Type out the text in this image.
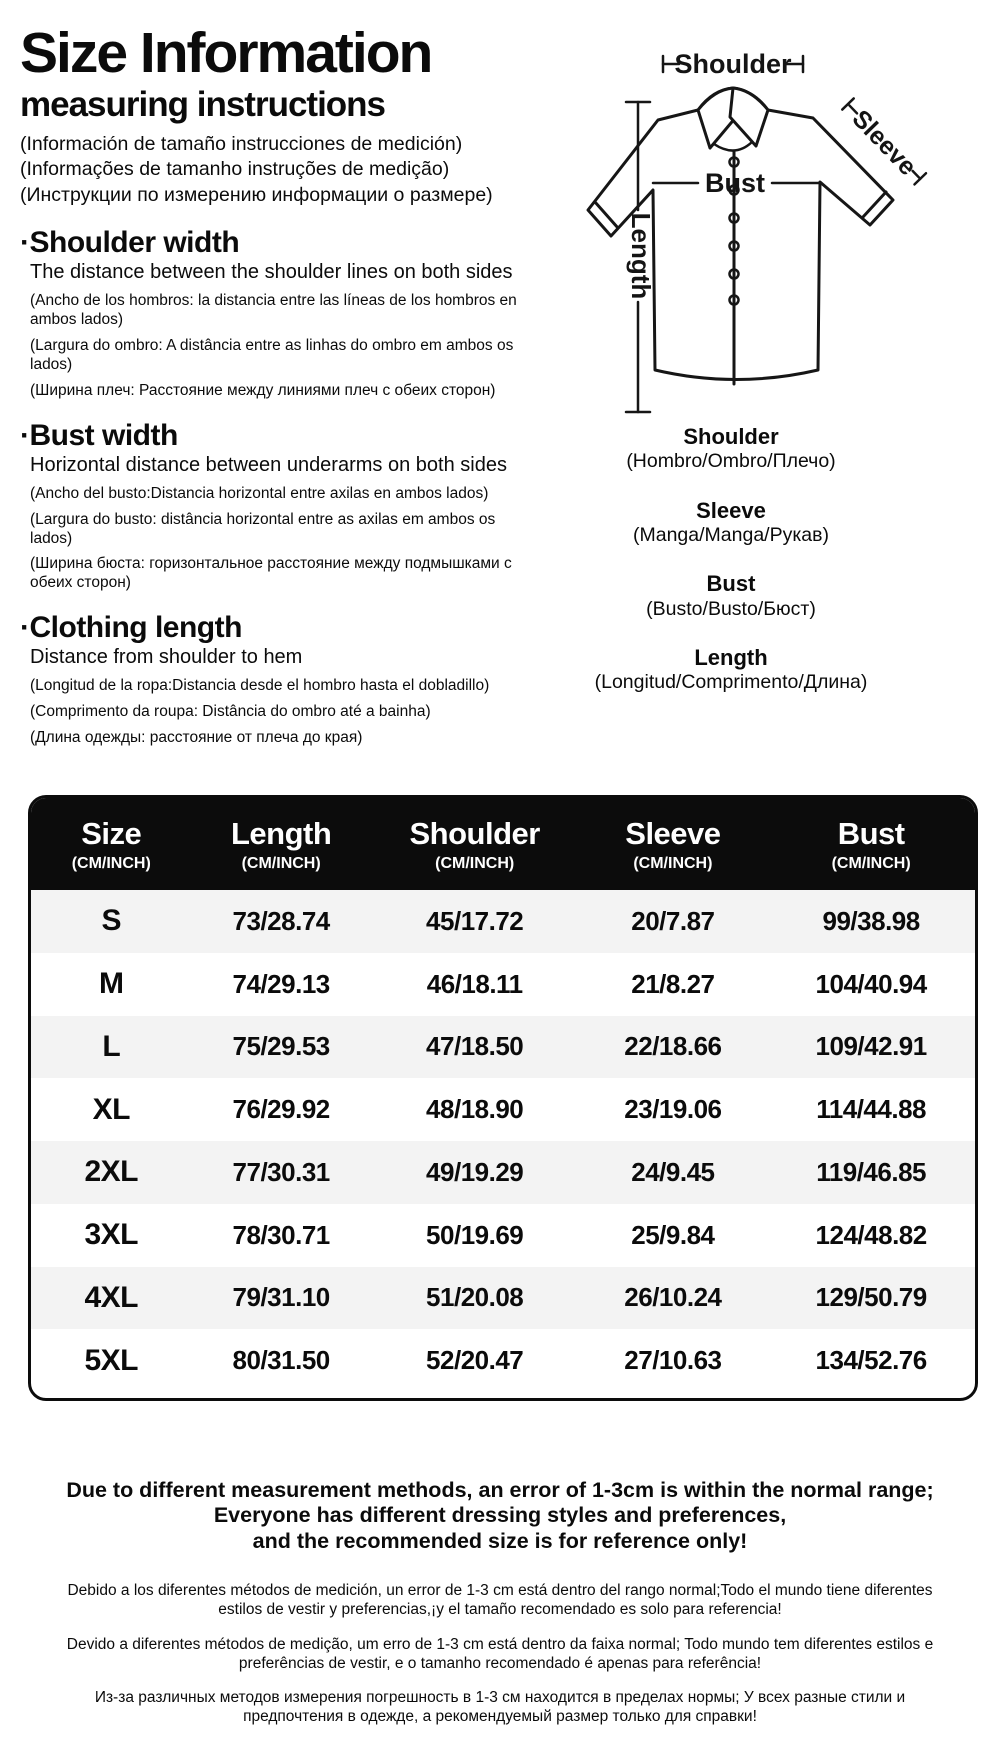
Size Information
measuring instructions

(Información de tamaño instrucciones de medición)

(Informações de tamanho instruções de medição)

(Инструкции по измерению информации о размере)

·Shoulder width

The distance between the shoulder lines on both sides

(Ancho de los hombros: la distancia entre las líneas de los hombros en ambos lados)

(Largura do ombro: A distância entre as linhas do ombro em ambos os lados)

(Ширина плеч: Расстояние между линиями плеч с обеих сторон)

·Bust width

Horizontal distance between underarms on both sides

(Ancho del busto:Distancia horizontal entre axilas en ambos lados)

(Largura do busto: distância horizontal entre as axilas em ambos os lados)

(Ширина бюста: горизонтальное расстояние между подмышками с обеих сторон)

·Clothing length

Distance from shoulder to hem

(Longitud de la ropa:Distancia desde el hombro hasta el dobladillo)

(Comprimento da roupa: Distância do ombro até a bainha)

(Длина одежды: расстояние от плеча до края)

Shoulder
Sleeve
Bust
Length
Shoulder
(Hombro/Ombro/Плечо)
Sleeve
(Manga/Manga/Рукав)
Bust
(Busto/Busto/Бюст)
Length
(Longitud/Comprimento/Длина)
Size
(CM/INCH)
Length
(CM/INCH)
Shoulder
(CM/INCH)
Sleeve
(CM/INCH)
Bust
(CM/INCH)
S	73/28.74	45/17.72	20/7.87	99/38.98
M	74/29.13	46/18.11	21/8.27	104/40.94
L	75/29.53	47/18.50	22/18.66	109/42.91
XL	76/29.92	48/18.90	23/19.06	114/44.88
2XL	77/30.31	49/19.29	24/9.45	119/46.85
3XL	78/30.71	50/19.69	25/9.84	124/48.82
4XL	79/31.10	51/20.08	26/10.24	129/50.79
5XL	80/31.50	52/20.47	27/10.63	134/52.76

Due to different measurement methods, an error of 1-3cm is within the normal range;

Everyone has different dressing styles and preferences,

and the recommended size is for reference only!

Debido a los diferentes métodos de medición, un error de 1-3 cm está dentro del rango normal;Todo el mundo tiene diferentes estilos de vestir y preferencias,¡y el tamaño recomendado es solo para referencia!

Devido a diferentes métodos de medição, um erro de 1-3 cm está dentro da faixa normal; Todo mundo tem diferentes estilos e preferências de vestir, e o tamanho recomendado é apenas para referência!

Из-за различных методов измерения погрешность в 1-3 см находится в пределах нормы; У всех разные стили и предпочтения в одежде, а рекомендуемый размер только для справки!
